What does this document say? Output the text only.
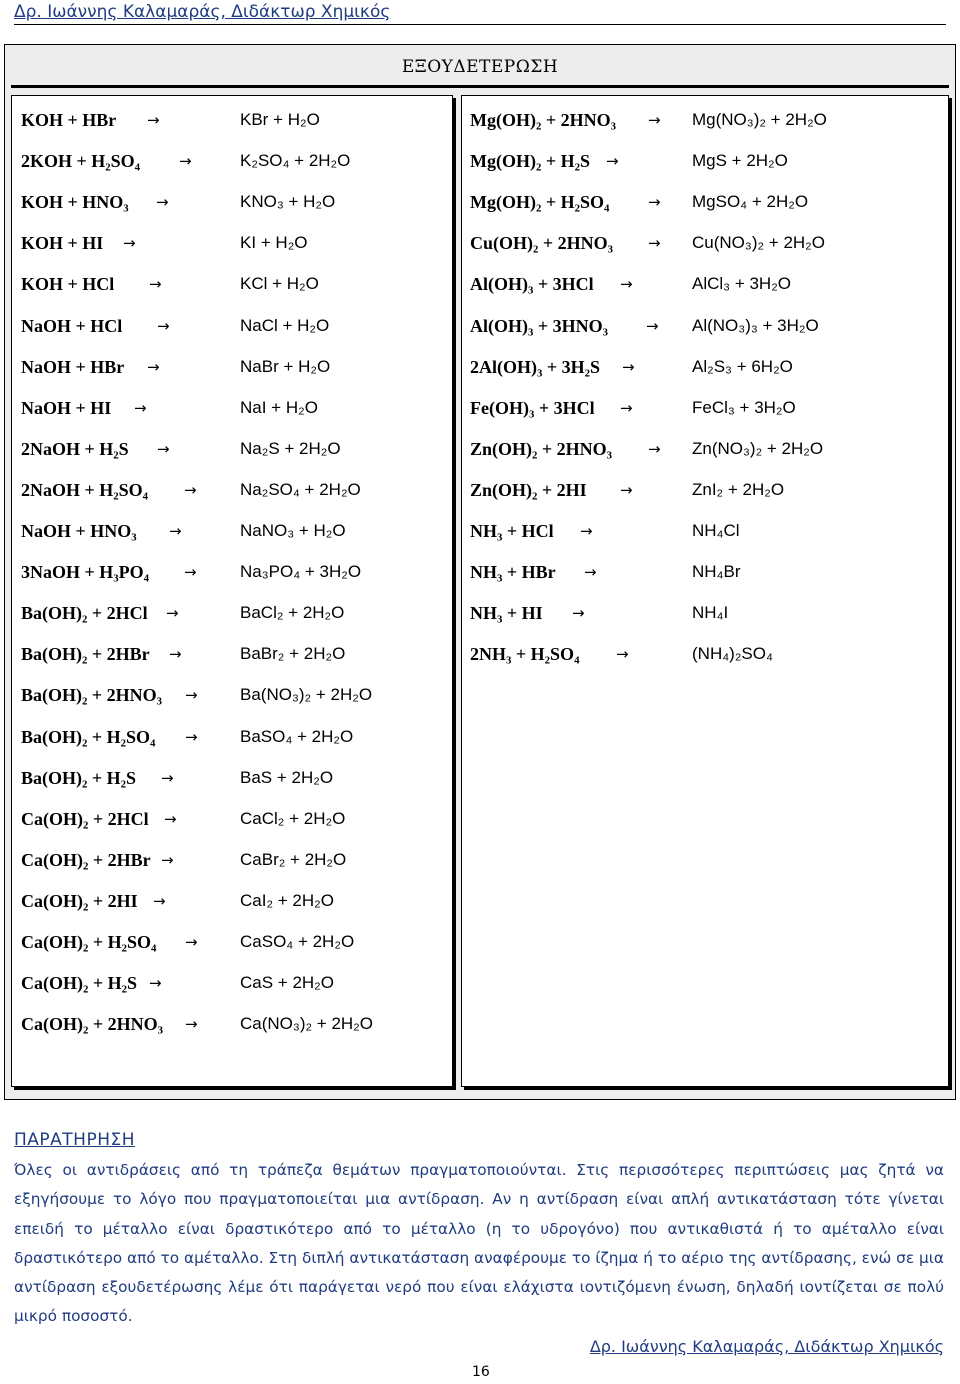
Δρ. Ιωάννης Καλαμαράς, Διδάκτωρ Χημικός
ΕΞΟΥΔΕΤΕΡΩΣΗ
KOH + HBr →	KBr + H₂O
2KOH + H₂SO₄	→	K₂SO₄ + 2H₂O
KOH + HNO₃ →	KNO₃ + H₂O
KOH + HI →	KI + H₂O
KOH + HCl →	KCl + H₂O
NaOH + HCl →	NaCl + H₂O
NaOH + HBr →	NaBr + H₂O
NaOH + HI →	NaI + H₂O
2NaOH + H₂S →	Na₂S + 2H₂O
2NaOH + H₂SO₄ →	Na₂SO₄ + 2H₂O
NaOH + HNO₃ →	NaNO₃ + H₂O
3NaOH + H₃PO₄ →	Na₃PO₄ + 3H₂O
Ba(OH)₂ + 2HCl →	BaCl₂ + 2H₂O
Ba(OH)₂ + 2HBr →	BaBr₂ + 2H₂O
Ba(OH)₂ + 2HNO₃ → Ba(NO₃)₂ + 2H₂O
Ba(OH)₂ + H₂SO₄ → BaSO₄ + 2H₂O
Ba(OH)₂ + H₂S →	BaS + 2H₂O
Ca(OH)₂ + 2HCl →	CaCl₂ + 2H₂O
Ca(OH)₂ + 2HBr →	CaBr₂ + 2H₂O
Ca(OH)₂ + 2HI →	CaI₂ + 2H₂O
Ca(OH)₂ + H₂SO₄ → CaSO₄ + 2H₂O
Ca(OH)₂ + H₂S →	CaS + 2H₂O
Ca(OH)₂ + 2HNO₃ → Ca(NO₃)₂ + 2H₂O
Mg(OH)₂ + 2HNO₃ → Mg(NO₃)₂ + 2H₂O
Mg(OH)₂ + H₂S →	MgS + 2H₂O
Mg(OH)₂ + H₂SO₄	→ MgSO₄ + 2H₂O
Cu(OH)₂ + 2HNO₃ → Cu(NO₃)₂ + 2H₂O
Al(OH)₃ + 3HCl →	AlCl₃ + 3H₂O
Al(OH)₃ + 3HNO₃	→ Al(NO₃)₃ + 3H₂O
2Al(OH)₃ + 3H₂S →	Al₂S₃ + 6H₂O
Fe(OH)₃ + 3HCl →	FeCl₃ + 3H₂O
Zn(OH)₂ + 2HNO₃ → Zn(NO₃)₂ + 2H₂O
Zn(OH)₂ + 2HI →	ZnI₂ + 2H₂O
NH₃ + HCl →	NH₄Cl
NH₃ + HBr →	NH₄Br
NH₃ + HI →	NH₄I
2NH₃ + H₂SO₄ →	(NH₄)₂SO₄
ΠΑΡΑΤΗΡΗΣΗ
Όλες οι αντιδράσεις από τη τράπεζα θεμάτων πραγματοποιούνται. Στις περισσότερες περιπτώσεις μας ζητά να εξηγήσουμε το λόγο που πραγματοποιείται μια αντίδραση. Αν η αντίδραση είναι απλή αντικατάσταση τότε γίνεται επειδή το μέταλλο είναι δραστικότερο από το μέταλλο (η το υδρογόνο) που αντικαθιστά ή το αμέταλλο είναι δραστικότερο από το αμέταλλο. Στη διπλή αντικατάσταση αναφέρουμε το ίζημα ή το αέριο της αντίδρασης, ενώ σε μια αντίδραση εξουδετέρωσης λέμε ότι παράγεται νερό που είναι ελάχιστα ιοντιζόμενη ένωση, δηλαδή ιοντίζεται σε πολύ μικρό ποσοστό.
Δρ. Ιωάννης Καλαμαράς, Διδάκτωρ Χημικός
16
